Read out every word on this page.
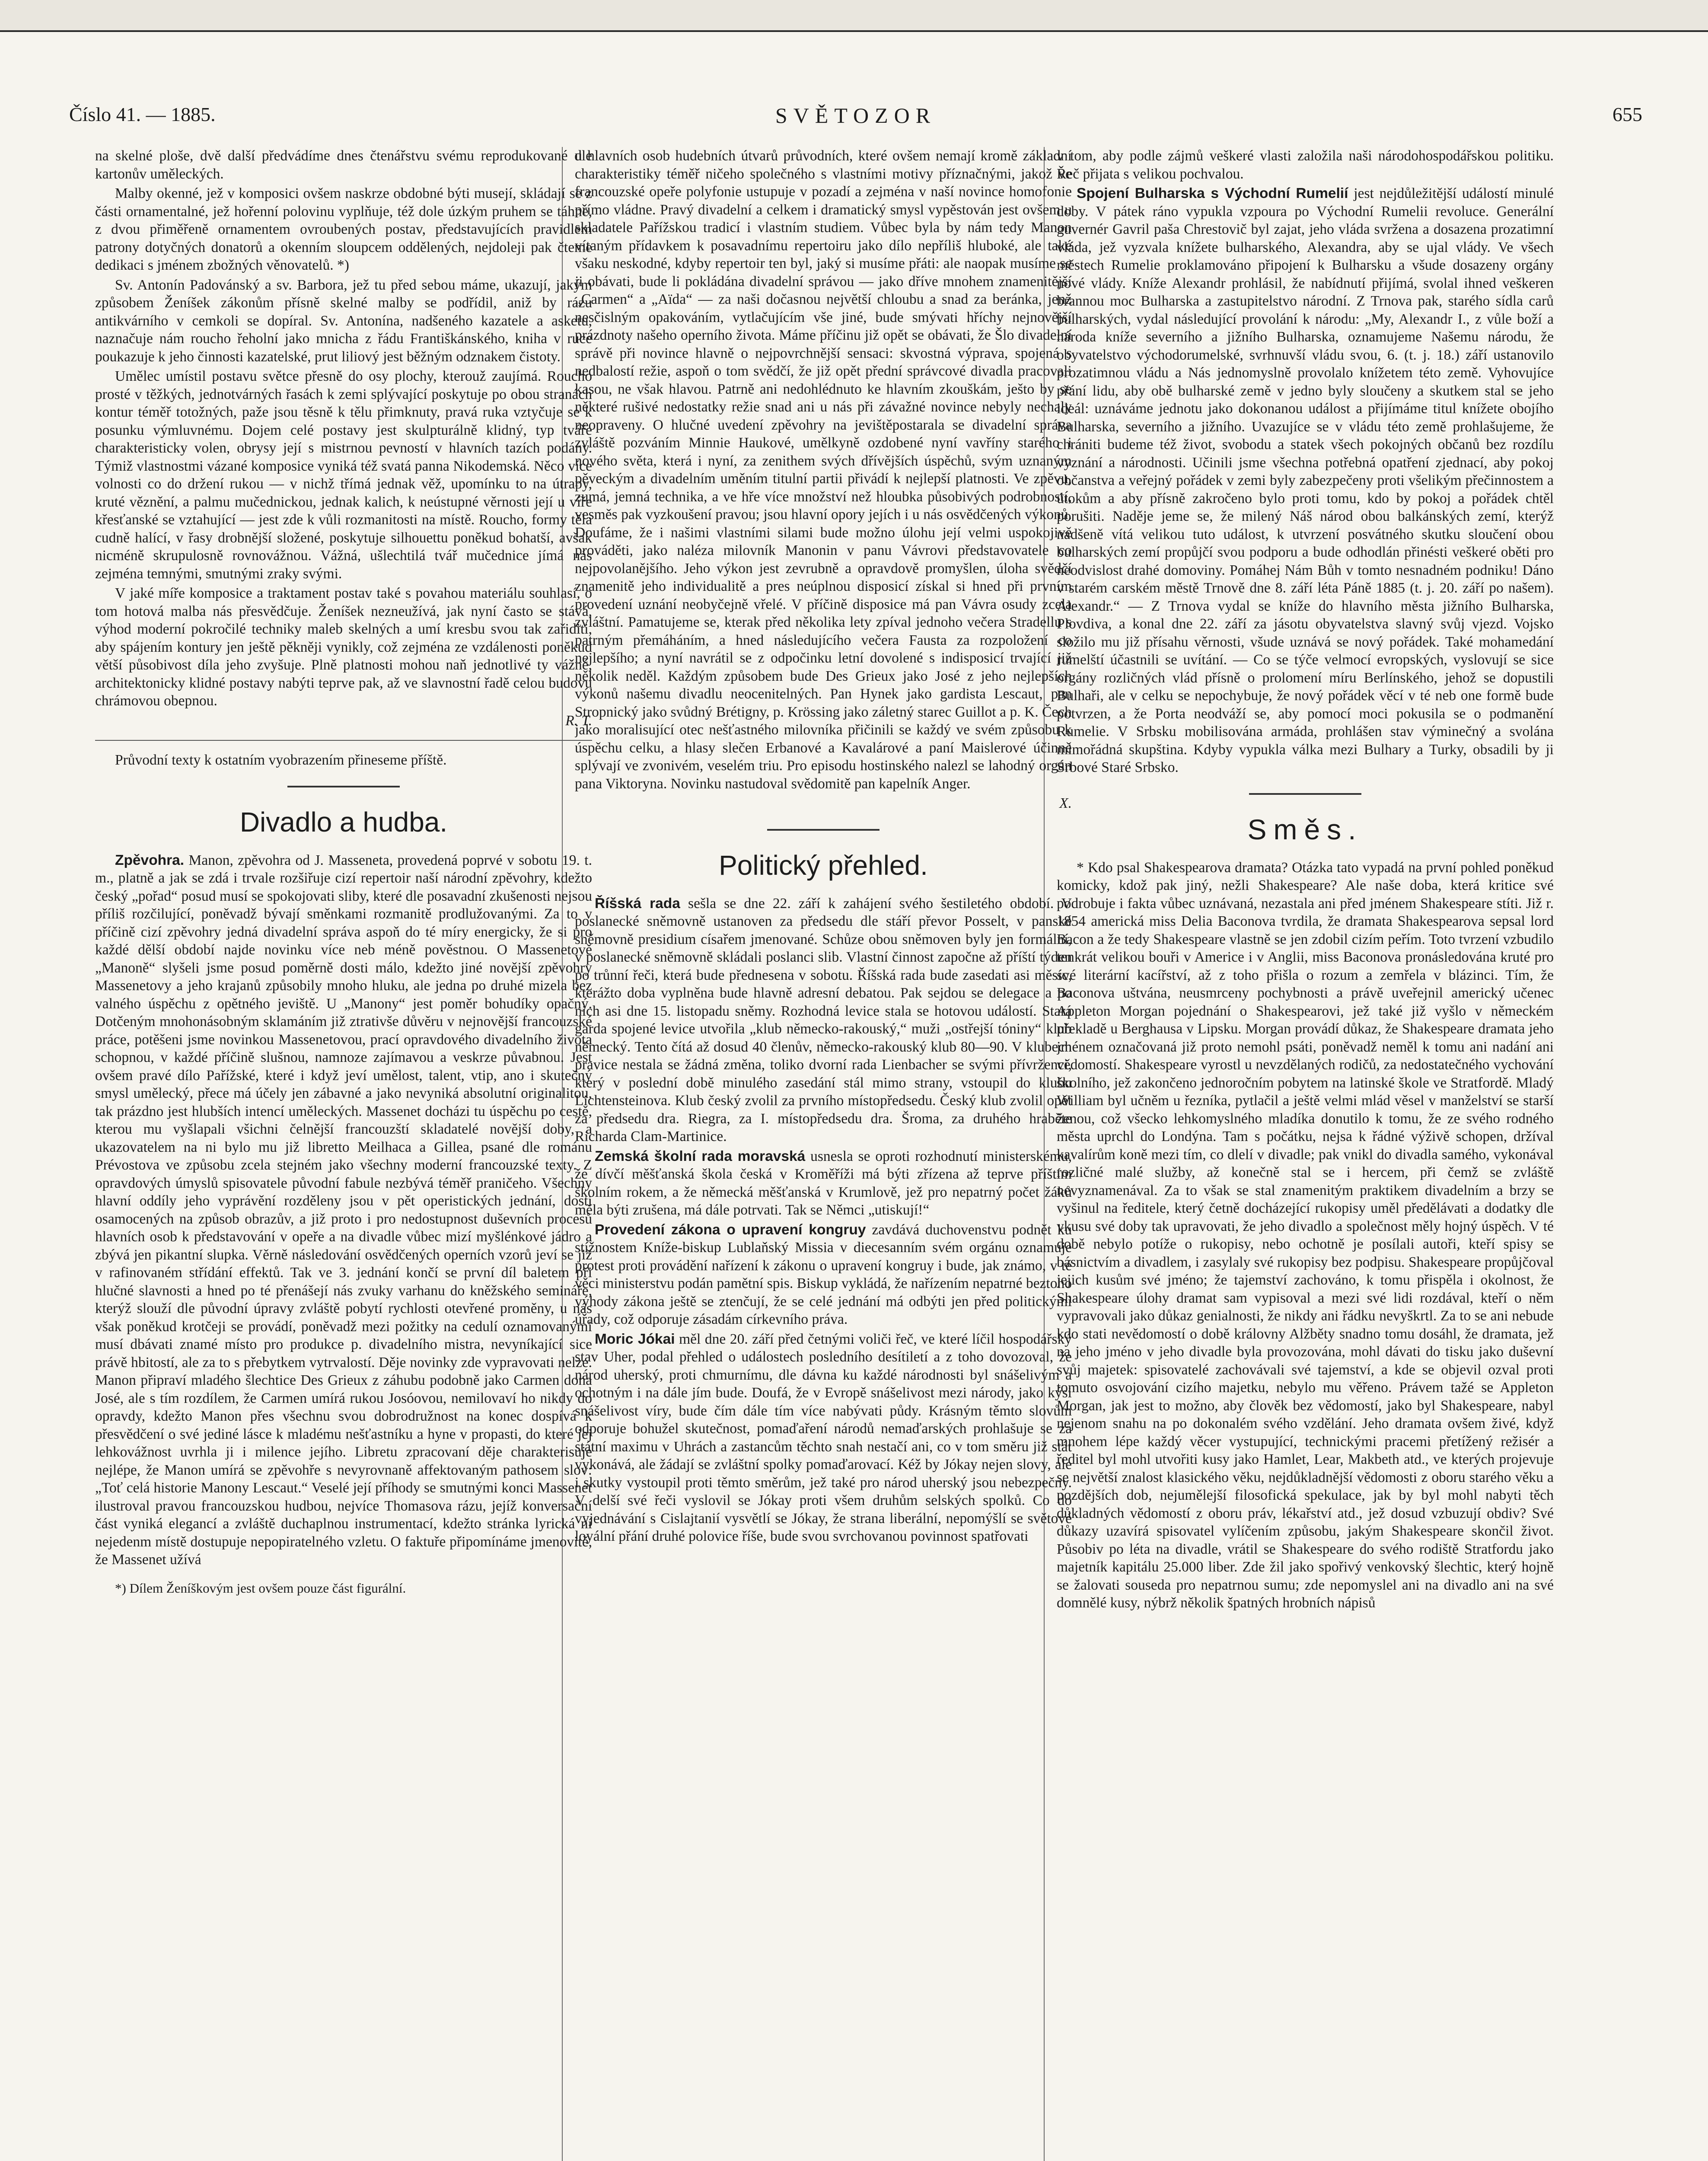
Číslo 41. — 1885.	SVĚTOZOR	655

na skelné ploše, dvě další předvádíme dnes čtenářstvu svému reprodukované dle kartonův uměleckých.

Malby okenné, jež v komposici ovšem naskrze obdobné býti musejí, skládají se z části ornamentalné, jež hořenní polovinu vyplňuje, též dole úzkým pruhem se táhne, z dvou přiměřeně ornamentem ovroubených postav, představujících pravidlem patrony dotyčných donatorů a okenním sloupcem oddělených, nejdoleji pak čteme dedikaci s jménem zbožných věnovatelů. *)

Sv. Antonín Padovánský a sv. Barbora, jež tu před sebou máme, ukazují, jakým způsobem Ženíšek zákonům přísně skelné malby se podřídil, aniž by rázu antikvárního v cemkoli se dopíral. Sv. Antonína, nadšeného kazatele a asketu, naznačuje nám roucho řeholní jako mnicha z řádu Františkánského, kniha v ruce poukazuje k jeho činnosti kazatelské, prut liliový jest běžným odznakem čistoty.

Umělec umístil postavu světce přesně do osy plochy, kterouž zaujímá. Roucho prosté v těžkých, jednotvárných řasách k zemi splývající poskytuje po obou stranách kontur téměř totožných, paže jsou těsně k tělu přimknuty, pravá ruka vztyčuje se k posunku výmluvnému. Dojem celé postavy jest skulpturálně klidný, typ tváře charakteristicky volen, obrysy její s mistrnou pevností v hlavních tazích podány. Týmiž vlastnostmi vázané komposice vyniká též svatá panna Nikodemská. Něco více volnosti co do držení rukou — v nichž třímá jednak věž, upomínku to na útrapy, kruté věznění, a palmu mučednickou, jednak kalich, k neústupné věrnosti její u víře křesťanské se vztahující — jest zde k vůli rozmanitosti na místě. Roucho, formy těla cudně halící, v řasy drobnější složené, poskytuje silhouettu poněkud bohatší, avšak nicméně skrupulosně rovnovážnou. Vážná, ušlechtilá tvář mučednice jímá nás zejména temnými, smutnými zraky svými.

V jaké míře komposice a traktament postav také s povahou materiálu souhlasí, o tom hotová malba nás přesvědčuje. Ženíšek nezneužívá, jak nyní často se stává, výhod moderní pokročilé techniky maleb skelných a umí kresbu svou tak zařiditi, aby spájením kontury jen ještě pěkněji vynikly, což zejména ze vzdálenosti poněkud větší působivost díla jeho zvyšuje. Plně platnosti mohou naň jednotlivé ty vážné, architektonicky klidné postavy nabýti teprve pak, až ve slavnostní řadě celou budovu chrámovou obepnou.

R. T.

Průvodní texty k ostatním vyobrazením přineseme příště.

Divadlo a hudba.

Zpěvohra. Manon, zpěvohra od J. Masseneta, provedená poprvé v sobotu 19. t. m., platně a jak se zdá i trvale rozšiřuje cizí repertoir naší národní zpěvohry, kdežto český „pořad“ posud musí se spokojovati sliby, které dle posavadní zkušenosti nejsou příliš rozčilující, poněvadž bývají směnkami rozmanitě prodlužovanými. Za to v příčině cizí zpěvohry jedná divadelní správa aspoň do té míry energicky, že si pro každé dělší období najde novinku více neb méně pověstnou. O Massenetově „Manoně“ slyšeli jsme posud poměrně dosti málo, kdežto jiné novější zpěvohry Massenetovy a jeho krajanů způsobily mnoho hluku, ale jedna po druhé mizela bez valného úspěchu z opětného jeviště. U „Manony“ jest poměr bohudíky opačný. Dotčeným mnohonásobným sklamáním již ztrativše důvěru v nejnovější francouzské práce, potěšeni jsme novinkou Massenetovou, prací opravdového divadelního života schopnou, v každé příčině slušnou, namnoze zajímavou a veskrze půvabnou. Jest ovšem pravé dílo Pařížské, které i když jeví umělost, talent, vtip, ano i skutečný smysl umělecký, přece má účely jen zábavné a jako nevyniká absolutní originalitou, tak prázdno jest hlubších intencí uměleckých. Massenet docházi tu úspěchu po cestě, kterou mu vyšlapali všichni čelnější francouzští skladatelé novější doby, a ukazovatelem na ni bylo mu již libretto Meilhaca a Gillea, psané dle románu Prévostova ve způsobu zcela stejném jako všechny moderní francouzské texty. Z opravdových úmyslů spisovatele původní fabule nezbývá téměř praničeho. Všechny hlavní oddíly jeho vyprávění rozděleny jsou v pět operistických jednání, dosti osamocených na způsob obrazův, a již proto i pro nedostupnost duševních procesů hlavních osob k představování v opeře a na divadle vůbec mizí myšlénkové jádro a zbývá jen pikantní slupka. Věrně následování osvědčených operních vzorů jeví se již v rafinovaném střídání effektů. Tak ve 3. jednání končí se první díl baletem při hlučné slavnosti a hned po té přenášejí nás zvuky varhanu do kněžského semináře, kterýž slouží dle původní úpravy zvláště pobytí rychlosti otevřené proměny, u nás však poněkud krotčeji se provádí, poněvadž mezi požitky na cedulí oznamovanými musí dbávati znamé místo pro produkce p. divadelního mistra, nevyníkající sice právě hbitostí, ale za to s přebytkem vytrvalostí. Děje novinky zde vypravovati nelze. Manon připraví mladého šlechtice Des Grieux z záhubu podobně jako Carmen dona José, ale s tím rozdílem, že Carmen umírá rukou Josóovou, nemilovaví ho nikdy do opravdy, kdežto Manon přes všechnu svou dobrodružnost na konec dospívá k přesvědčení o své jediné lásce k mladému nešťastníku a hyne v propasti, do které jej lehkovážnost uvrhla ji i milence jejího. Libretu zpracovaní děje charakterisuje nejlépe, že Manon umírá se zpěvohře s nevyrovnaně affektovaným pathosem slov: „Toť celá historie Manony Lescaut.“ Veselé její příhody se smutnými konci Massenet ilustroval pravou francouzskou hudbou, nejvíce Thomasova rázu, jejíž konversační část vyniká elegancí a zvláště duchaplnou instrumentací, kdežto stránka lyrická ní nejedenm místě dostupuje nepopiratelného vzletu. O faktuře připomínáme jmenovitě, že Massenet užívá

*) Dílem Ženíškovým jest ovšem pouze část figurální.

u hlavních osob hudebních útvarů průvodních, které ovšem nemají kromě základní charakteristiky téměř ničeho společného s vlastními motivy příznačnými, jakož ve francouzské opeře polyfonie ustupuje v pozadí a zejména v naší novince homofonie přímo vládne. Pravý divadelní a celkem i dramatický smysl vypěstován jest ovšem u skladatele Pařížskou tradicí i vlastním studiem. Vůbec byla by nám tedy Manon vítaným přídavkem k posavadnímu repertoiru jako dílo nepříliš hluboké, ale také všaku neskodné, kdyby repertoir ten byl, jaký si musíme přáti: ale naopak musíme se ji obávati, bude li pokládána divadelní správou — jako dříve mnohem znamenitější „Carmen“ a „Aïda“ — za naši dočasnou největší chloubu a snad za beránka, jenž nesčislným opakováním, vytlačujícím vše jiné, bude smývati hříchy nejnovější prázdnoty našeho operního života. Máme příčinu již opět se obávati, že Šlo divadelní správě při novince hlavně o nejpovrchnější sensaci: skvostná výprava, spojená s nedbalostí režie, aspoň o tom svědčí, že již opět přední správcové divadla pracovali kasou, ne však hlavou. Patrně ani nedohlédnuto ke hlavním zkouškám, ješto by se některé rušivé nedostatky režie snad ani u nás při závažné novince nebyly nechaly neopraveny. O hlučné uvedení zpěvohry na jevištěpostarala se divadelní správa zvláště pozváním Minnie Haukové, umělkyně ozdobené nyní vavříny starého i nového světa, která i nyní, za zenithem svých dřívějších úspěchů, svým uznaným pěveckým a divadelním uměním titulní partii přivádí k nejlepší platnosti. Ve zpěvu, zumá, jemná technika, a ve hře více množství než hloubka působivých podrobností, vesměs pak vyzkoušení pravou; jsou hlavní opory jejích i u nás osvědčených výkonů. Doufáme, že i našimi vlastními silami bude možno úlohu její velmi uspokojivě prováděti, jako naléza milovník Manonin v panu Vávrovi představovatele co nejpovolanějšího. Jeho výkon jest zevrubně a opravdově promyšlen, úloha svědčí znamenitě jeho individualitě a pres neúplnou disposicí získal si hned při prvním provedení uznání neobyčejně vřelé. V příčině disposice má pan Vávra osudy zcela zvláštní. Pamatujeme se, kterak před několika lety zpíval jednoho večera Stradellu s patrným přemáháním, a hned následujícího večera Fausta za rozpoložení co nejlepšího; a nyní navrátil se z odpočinku letní dovolené s indisposicí trvající již několik neděl. Každým způsobem bude Des Grieux jako José z jeho nejlepších výkonů našemu divadlu neocenitelných. Pan Hynek jako gardista Lescaut, pan Stropnický jako svůdný Brétigny, p. Krössing jako záletný starec Guillot a p. K. Čech jako moralisující otec nešťastného milovníka přičinili se každý ve svém způsobu k úspěchu celku, a hlasy slečen Erbanové a Kavalárové a paní Maislerové účinně splývají ve zvonivém, veselém triu. Pro episodu hostinského nalezl se lahodný orgán pana Viktoryna. Novinku nastudoval svědomitě pan kapelník Anger.

X.
Politický přehled.

Říšská rada sešla se dne 22. září k zahájení svého šestiletého období. V poslanecké sněmovně ustanoven za předsedu dle stáří převor Posselt, v panské sněmovně presidium císařem jmenované. Schůze obou sněmoven byly jen formální, v poslanecké sněmovně skládali poslanci slib. Vlastní činnost započne až příští týden po trůnní řeči, která bude přednesena v sobotu. Říšská rada bude zasedati asi měsíc, kterážto doba vyplněna bude hlavně adresní debatou. Pak sejdou se delegace a po nich asi dne 15. listopadu sněmy. Rozhodná levice stala se hotovou událostí. Stará garda spojené levice utvořila „klub německo-rakouský,“ muži „ostřejší tóniny“ klub německý. Tento čítá až dosud 40 členův, německo-rakouský klub 80—90. V klubech pravice nestala se žádná změna, toliko dvorní rada Lienbacher se svými přívrženci, který v poslední době minulého zasedání stál mimo strany, vstoupil do klubu Lichtensteinova. Klub český zvolil za prvního místopředsedu. Český klub zvolil opět za předsedu dra. Riegra, za I. místopředsedu dra. Šroma, za druhého hraběte Richarda Clam-Martinice.

Zemská školní rada moravská usnesla se oproti rozhodnutí ministerskému, že dívčí měšťanská škola česká v Kroměříži má býti zřízena až teprve příštím školním rokem, a že německá měšťanská v Krumlově, jež pro nepatrný počet žáků měla býti zrušena, má dále potrvati. Tak se Němci „utiskují!“

Provedení zákona o upravení kongruy zavdává duchovenstvu podnět ku stížnostem Kníže-biskup Lublaňský Missia v diecesanním svém orgánu oznamuje protest proti provádění nařízení k zákonu o upravení kongruy i bude, jak známo, v té věci ministerstvu podán pamětní spis. Biskup vykládá, že nařízením nepatrné beztoho výhody zákona ještě se ztenčují, že se celé jednání má odbýti jen před politickými úřady, což odporuje zásadám církevního práva.

Moric Jókai měl dne 20. září před četnými voliči řeč, ve které líčil hospodářský stav Uher, podal přehled o událostech posledního desítiletí a z toho dovozoval, že národ uherský, proti chmurnímu, dle dávna ku každé národnosti byl snášelivým a ochotným i na dále jím bude. Doufá, že v Evropě snášelivost mezi národy, jako kýsi snášelivost víry, bude čím dále tím více nabývati půdy. Krásným těmto slovům odporuje bohužel skutečnost, pomaďaření národů nemaďarských prohlašuje se za státní maximu v Uhrách a zastancům těchto snah nestačí ani, co v tom směru již stát vykonává, ale žádají se zvláštní spolky pomaďarovací. Kéž by Jókay nejen slovy, ale i skutky vystoupil proti těmto směrům, jež také pro národ uherský jsou nebezpečny. V delší své řeči vyslovil se Jókay proti všem druhům selských spolků. Co do vyjednávání s Cislajtanií vysvětlí se Jókay, že strana liberální, nepomýšlí se světové loyální přání druhé polovice říše, bude svou svrchovanou povinnost spatřovati

v tom, aby podle zájmů veškeré vlasti založila naši národohospodářskou politiku. Řeč přijata s velikou pochvalou.

Spojení Bulharska s Východní Rumelií jest nejdůležitější událostí minulé doby. V pátek ráno vypukla vzpoura po Východní Rumelii revoluce. Generální guvernér Gavril paša Chrestovič byl zajat, jeho vláda svržena a dosazena prozatimní vláda, jež vyzvala knížete bulharského, Alexandra, aby se ujal vlády. Ve všech městech Rumelie proklamováno připojení k Bulharsku a všude dosazeny orgány nové vlády. Kníže Alexandr prohlásil, že nabídnutí přijímá, svolal ihned veškeren brannou moc Bulharska a zastupitelstvo národní. Z Trnova pak, starého sídla carů bulharských, vydal následující provolání k národu: „My, Alexandr I., z vůle boží a národa kníže severního a jižního Bulharska, oznamujeme Našemu národu, že obyvatelstvo východorumelské, svrhnuvší vládu svou, 6. (t. j. 18.) září ustanovilo prozatimnou vládu a Nás jednomyslně provolalo knížetem této země. Vyhovujíce přání lidu, aby obě bulharské země v jedno byly sloučeny a skutkem stal se jeho ideál: uznáváme jednotu jako dokonanou událost a přijímáme titul knížete obojího Bulharska, severního a jižního. Uvazujíce se v vládu této země prohlašujeme, že chrániti budeme též život, svobodu a statek všech pokojných občanů bez rozdílu vyznání a národnosti. Učinili jsme všechna potřebná opatření zjednací, aby pokoj občanstva a veřejný pořádek v zemi byly zabezpečeny proti všelikým přečinnostem a útokům a aby přísně zakročeno bylo proti tomu, kdo by pokoj a pořádek chtěl porušiti. Naděje jeme se, že milený Náš národ obou balkánských zemí, kterýž nadšeně vítá velikou tuto událost, k utvrzení posvátného skutku sloučení obou bulharských zemí propůjčí svou podporu a bude odhodlán přinésti veškeré oběti pro neodvislost drahé domoviny. Pomáhej Nám Bůh v tomto nesnadném podniku! Dáno v starém carském městě Trnově dne 8. září léta Páně 1885 (t. j. 20. září po našem). Alexandr.“ — Z Trnova vydal se kníže do hlavního města jižního Bulharska, Plovdiva, a konal dne 22. září za jásotu obyvatelstva slavný svůj vjezd. Vojsko složilo mu již přísahu věrnosti, všude uznává se nový pořádek. Také mohamedání rumelští účastnili se uvítání. — Co se týče velmocí evropských, vyslovují se sice orgány rozličných vlád přísně o prolomení míru Berlínského, jehož se dopustili Bulhaři, ale v celku se nepochybuje, že nový pořádek věcí v té neb one formě bude potvrzen, a že Porta neodváží se, aby pomocí moci pokusila se o podmanění Rumelie. V Srbsku mobilisována armáda, prohlášen stav výminečný a svolána mimořádná skupština. Kdyby vypukla válka mezi Bulhary a Turky, obsadili by ji Srbové Staré Srbsko.

Směs.

* Kdo psal Shakespearova dramata? Otázka tato vypadá na první pohled poněkud komicky, kdož pak jiný, nežli Shakespeare? Ale naše doba, která kritice své podrobuje i fakta vůbec uznávaná, nezastala ani před jménem Shakespeare stíti. Již r. 1854 americká miss Delia Baconova tvrdila, že dramata Shakespearova sepsal lord Bacon a že tedy Shakespeare vlastně se jen zdobil cizím peřím. Toto tvrzení vzbudilo tenkrát velikou bouři v Americe i v Anglii, miss Baconova pronásledována kruté pro své literární kacířství, až z toho přišla o rozum a zemřela v blázinci. Tím, že Baconova uštvána, neusmrceny pochybnosti a právě uveřejnil americký učenec Appleton Morgan pojednání o Shakespearovi, jež také již vyšlo v německém překladě u Berghausa v Lipsku. Morgan provádí důkaz, že Shakespeare dramata jeho jménem označovaná již proto nemohl psáti, poněvadž neměl k tomu ani nadání ani vědomostí. Shakespeare vyrostl u nevzdělaných rodičů, za nedostatečného vychování školního, jež zakončeno jednoročním pobytem na latinské škole ve Stratfordě. Mladý William byl učněm u řezníka, pytlačil a ještě velmi mlád věsel v manželství se starší ženou, což všecko lehkomyslného mladíka donutilo k tomu, že ze svého rodného města uprchl do Londýna. Tam s počátku, nejsa k řádné výživě schopen, držíval kavalírům koně mezi tím, co dlelí v divadle; pak vnikl do divadla samého, vykonával rozličné malé služby, až konečně stal se i hercem, při čemž se zvláště nevyznamenával. Za to však se stal znamenitým praktikem divadelním a brzy se vyšinul na ředitele, který četně docházející rukopisy uměl předělávati a dodatky dle vkusu své doby tak upravovati, že jeho divadlo a společnost měly hojný úspěch. V té době nebylo potíže o rukopisy, nebo ochotně je posílali autoři, kteří spisy se básnictvím a divadlem, i zasylaly své rukopisy bez podpisu. Shakespeare propůjčoval jejich kusům své jméno; že tajemství zachováno, k tomu přispěla i okolnost, že Shakespeare úlohy dramat sam vypisoval a mezi své lidi rozdával, kteří o něm vypravovali jako důkaz genialnosti, že nikdy ani řádku nevyškrtl. Za to se ani nebude kdo stati nevědomostí o době královny Alžběty snadno tomu dosáhl, že dramata, jež na jeho jméno v jeho divadle byla provozována, mohl dávati do tisku jako duševní svůj majetek: spisovatelé zachovávali své tajemství, a kde se objevil ozval proti tomuto osvojování cizího majetku, nebylo mu věřeno. Právem tažé se Appleton Morgan, jak jest to možno, aby člověk bez vědomostí, jako byl Shakespeare, nabyl nejenom snahu na po dokonalém svého vzdělání. Jeho dramata ovšem živé, když mnohem lépe každý věcer vystupující, technickými pracemi přetížený režisér a ředitel byl mohl utvořiti kusy jako Hamlet, Lear, Makbeth atd., ve kterých projevuje se největší znalost klasického věku, nejdůkladnější vědomosti z oboru starého věku a pozdějších dob, nejumělejší filosofická spekulace, jak by byl mohl nabyti těch důkladných vědomostí z oboru práv, lékařství atd., jež dosud vzbuzují obdiv? Své důkazy uzavírá spisovatel vylíčením způsobu, jakým Shakespeare skončil život. Působiv po léta na divadle, vrátil se Shakespeare do svého rodiště Stratfordu jako majetník kapitálu 25.000 liber. Zde žil jako spořivý venkovský šlechtic, který hojně se žalovati souseda pro nepatrnou sumu; zde nepomyslel ani na divadlo ani na své domnělé kusy, nýbrž několik špatných hrobních nápisů
